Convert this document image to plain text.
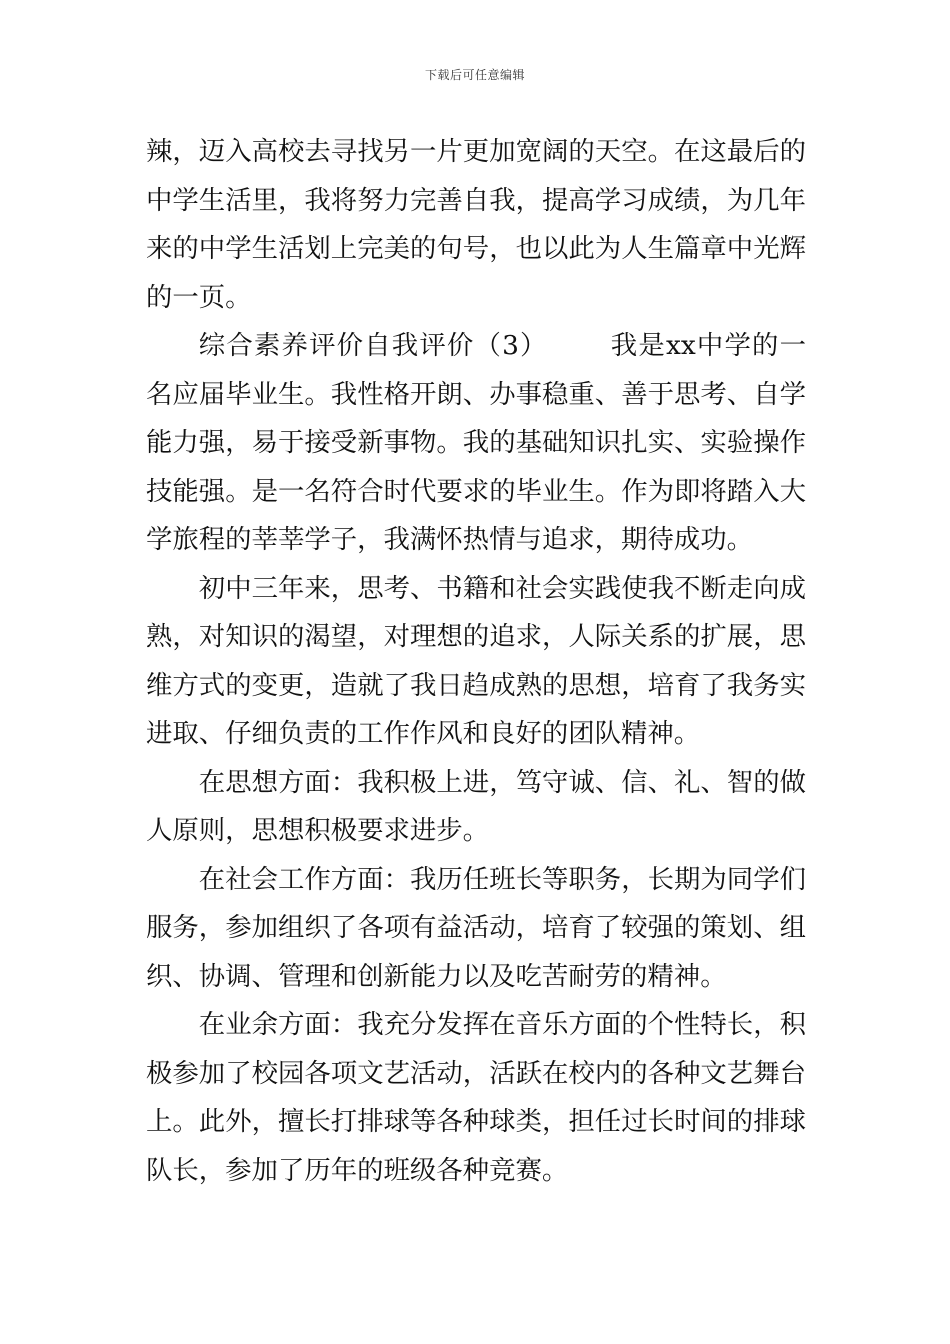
下载后可任意编辑

辣，迈入高校去寻找另一片更加宽阔的天空。在这最后的中学生活里，我将努力完善自我，提高学习成绩，为几年来的中学生活划上完美的句号，也以此为人生篇章中光辉的一页。

综合素养评价自我评价（3） 我是xx中学的一名应届毕业生。我性格开朗、办事稳重、善于思考、自学能力强，易于接受新事物。我的基础知识扎实、实验操作技能强。是一名符合时代要求的毕业生。作为即将踏入大学旅程的莘莘学子，我满怀热情与追求，期待成功。

初中三年来，思考、书籍和社会实践使我不断走向成熟，对知识的渴望，对理想的追求，人际关系的扩展，思维方式的变更，造就了我日趋成熟的思想，培育了我务实进取、仔细负责的工作作风和良好的团队精神。

在思想方面：我积极上进，笃守诚、信、礼、智的做人原则，思想积极要求进步。

在社会工作方面：我历任班长等职务，长期为同学们服务，参加组织了各项有益活动，培育了较强的策划、组织、协调、管理和创新能力以及吃苦耐劳的精神。

在业余方面：我充分发挥在音乐方面的个性特长，积极参加了校园各项文艺活动，活跃在校内的各种文艺舞台上。此外，擅长打排球等各种球类，担任过长时间的排球队长，参加了历年的班级各种竞赛。
